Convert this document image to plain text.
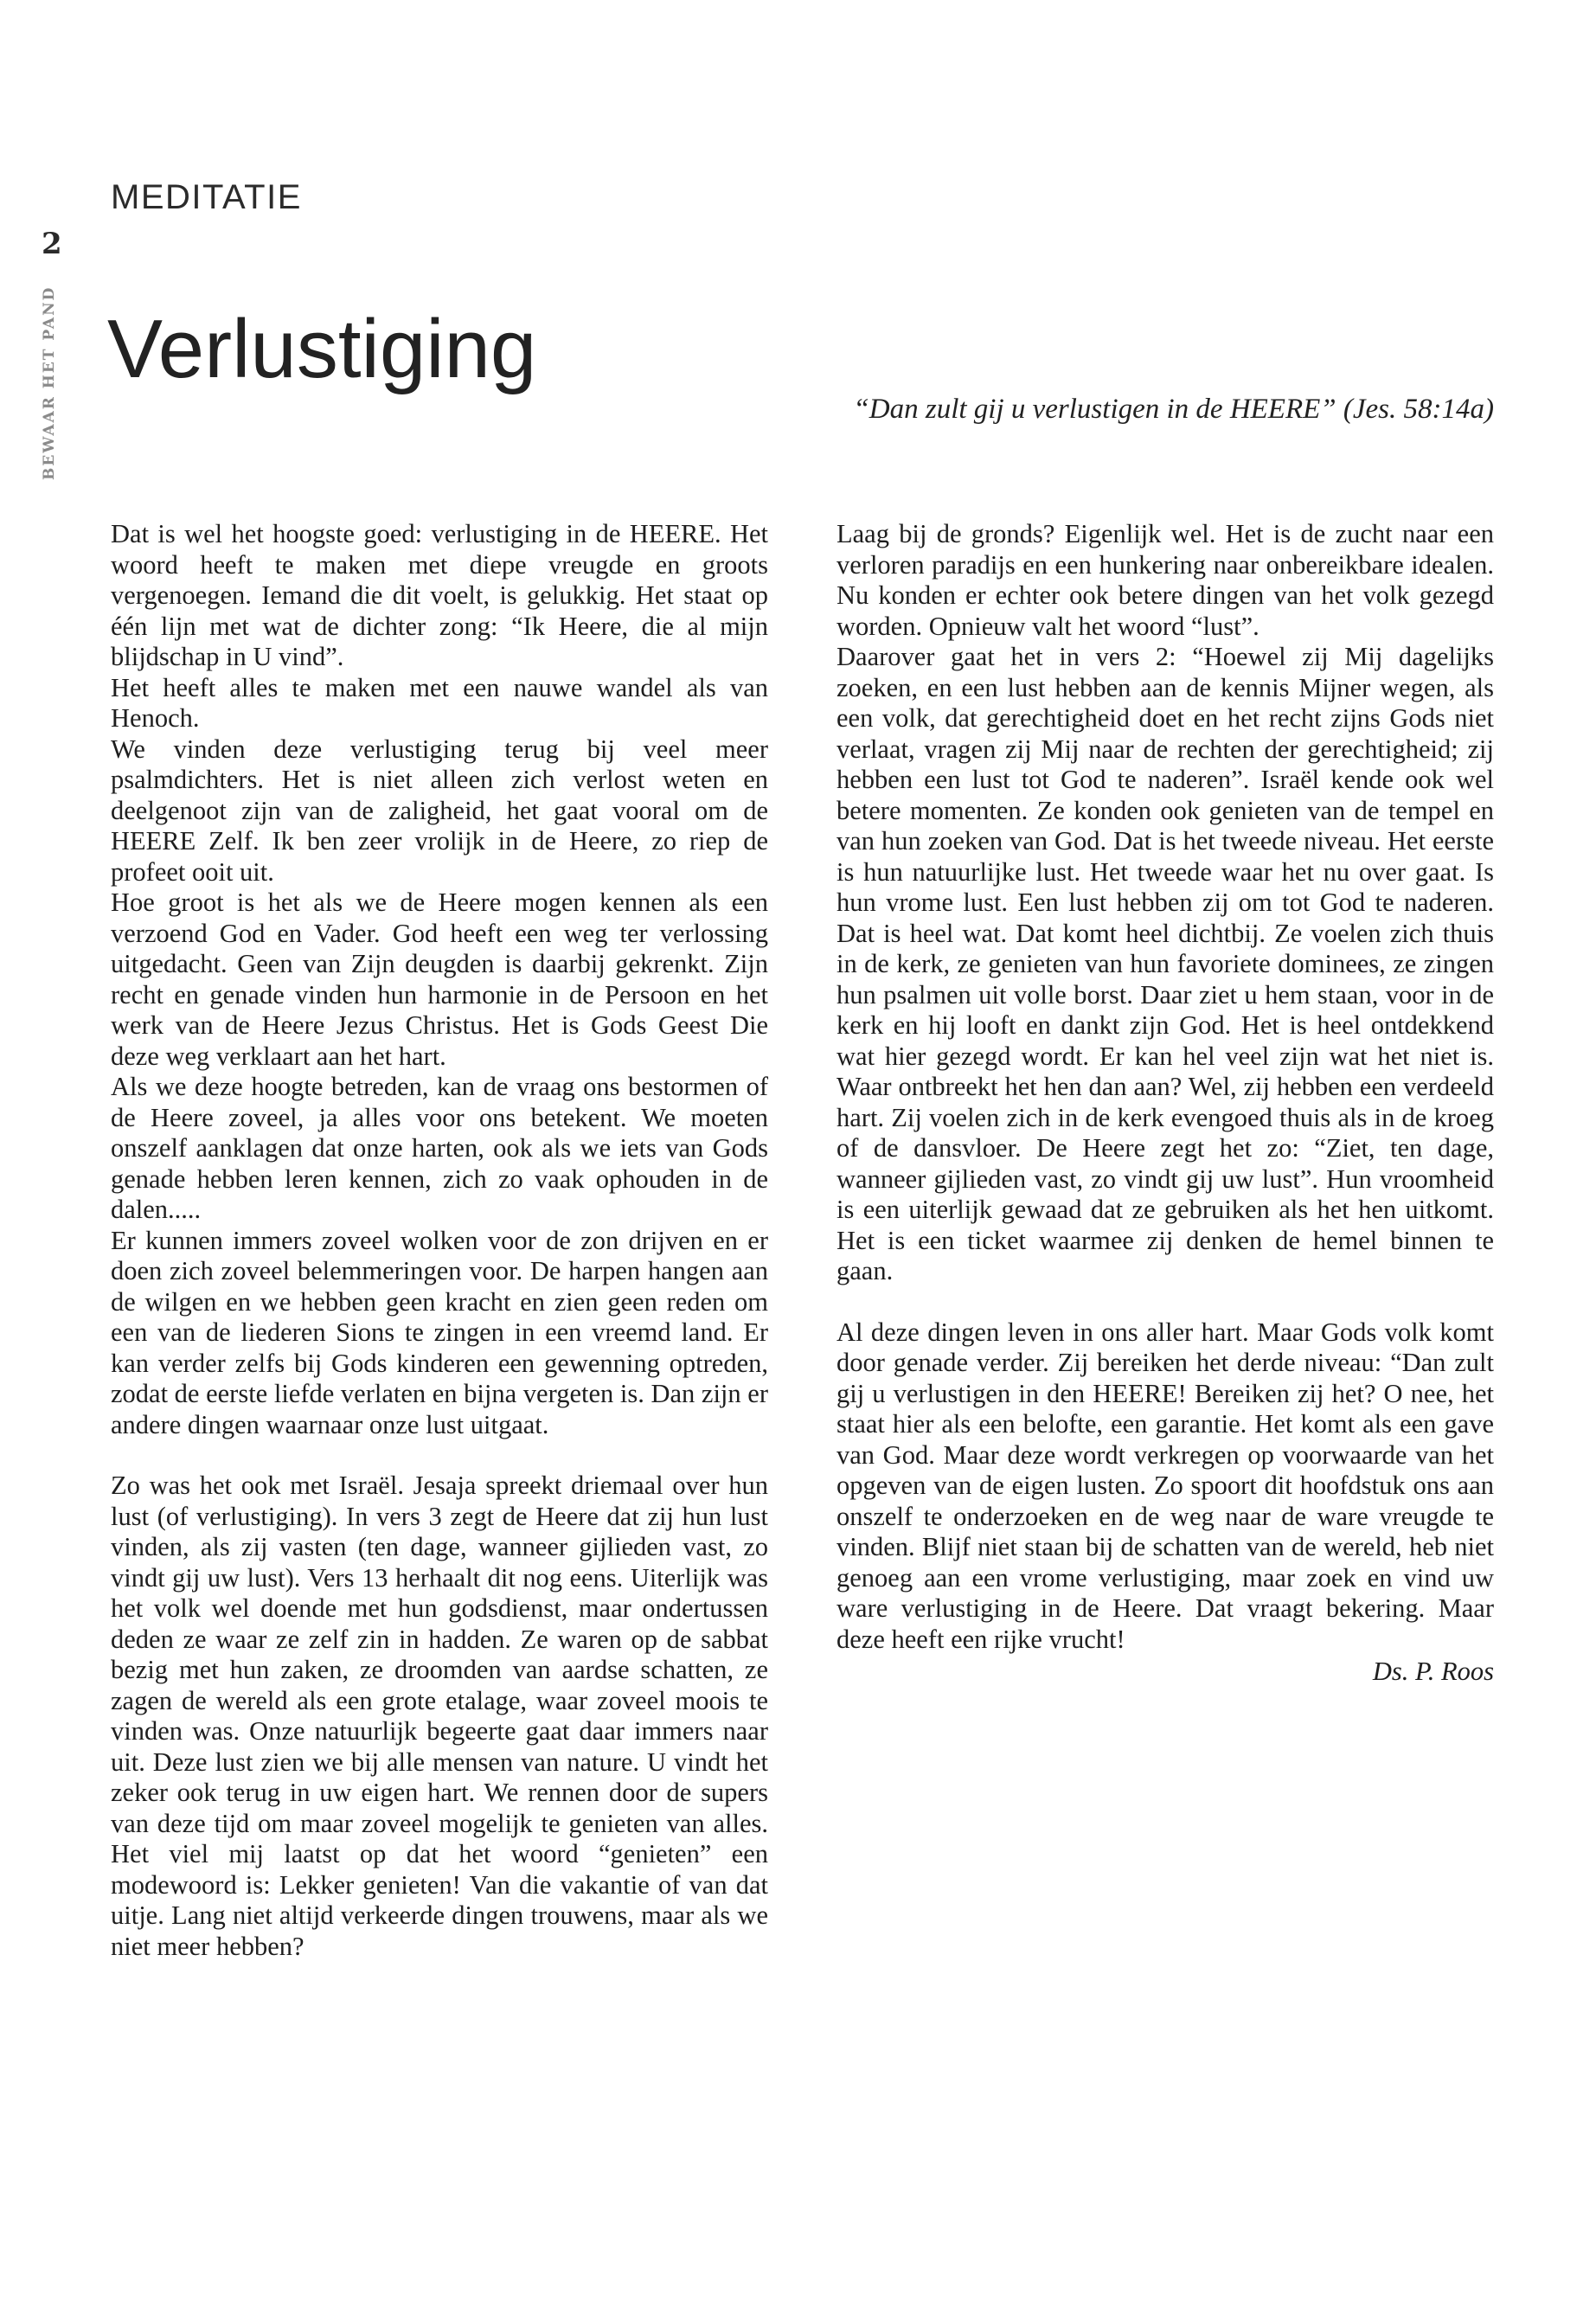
2
BEWAAR HET PAND
MEDITATIE
Verlustiging
“Dan zult gij u verlustigen in de HEERE” (Jes. 58:14a)

Dat is wel het hoogste goed: verlustiging in de HEERE. Het woord heeft te maken met diepe vreugde en groots vergenoegen. Iemand die dit voelt, is gelukkig. Het staat op één lijn met wat de dichter zong: “Ik Heere, die al mijn blijdschap in U vind”.

Het heeft alles te maken met een nauwe wandel als van Henoch.

We vinden deze verlustiging terug bij veel meer psalmdichters. Het is niet alleen zich verlost weten en deelgenoot zijn van de zaligheid, het gaat vooral om de HEERE Zelf. Ik ben zeer vrolijk in de Heere, zo riep de profeet ooit uit.

Hoe groot is het als we de Heere mogen kennen als een verzoend God en Vader. God heeft een weg ter verlossing uitgedacht. Geen van Zijn deugden is daarbij gekrenkt. Zijn recht en genade vinden hun harmonie in de Persoon en het werk van de Heere Jezus Christus. Het is Gods Geest Die deze weg verklaart aan het hart.

Als we deze hoogte betreden, kan de vraag ons bestormen of de Heere zoveel, ja alles voor ons betekent. We moeten onszelf aanklagen dat onze harten, ook als we iets van Gods genade hebben leren kennen, zich zo vaak ophouden in de dalen.....

Er kunnen immers zoveel wolken voor de zon drijven en er doen zich zoveel belemmeringen voor. De harpen hangen aan de wilgen en we hebben geen kracht en zien geen reden om een van de liederen Sions te zingen in een vreemd land. Er kan verder zelfs bij Gods kinderen een gewenning optreden, zodat de eerste liefde verlaten en bijna vergeten is. Dan zijn er andere dingen waarnaar onze lust uitgaat.

Zo was het ook met Israël. Jesaja spreekt driemaal over hun lust (of verlustiging). In vers 3 zegt de Heere dat zij hun lust vinden, als zij vasten (ten dage, wanneer gijlieden vast, zo vindt gij uw lust). Vers 13 herhaalt dit nog eens. Uiterlijk was het volk wel doende met hun godsdienst, maar ondertussen deden ze waar ze zelf zin in hadden. Ze waren op de sabbat bezig met hun zaken, ze droomden van aardse schatten, ze zagen de wereld als een grote etalage, waar zoveel moois te vinden was. Onze natuurlijk begeerte gaat daar immers naar uit. Deze lust zien we bij alle mensen van nature. U vindt het zeker ook terug in uw eigen hart. We rennen door de supers van deze tijd om maar zoveel mogelijk te genieten van alles. Het viel mij laatst op dat het woord “genieten” een modewoord is: Lekker genieten! Van die vakantie of van dat uitje. Lang niet altijd verkeerde dingen trouwens, maar als we niet meer hebben?

Laag bij de gronds? Eigenlijk wel. Het is de zucht naar een verloren paradijs en een hunkering naar onbereikbare idealen. Nu konden er echter ook betere dingen van het volk gezegd worden. Opnieuw valt het woord “lust”.

Daarover gaat het in vers 2: “Hoewel zij Mij dagelijks zoeken, en een lust hebben aan de kennis Mijner wegen, als een volk, dat gerechtigheid doet en het recht zijns Gods niet verlaat, vragen zij Mij naar de rechten der gerechtigheid; zij hebben een lust tot God te naderen”. Israël kende ook wel betere momenten. Ze konden ook genieten van de tempel en van hun zoeken van God. Dat is het tweede niveau. Het eerste is hun natuurlijke lust. Het tweede waar het nu over gaat. Is hun vrome lust. Een lust hebben zij om tot God te naderen. Dat is heel wat. Dat komt heel dichtbij. Ze voelen zich thuis in de kerk, ze genieten van hun favoriete dominees, ze zingen hun psalmen uit volle borst. Daar ziet u hem staan, voor in de kerk en hij looft en dankt zijn God. Het is heel ontdekkend wat hier gezegd wordt. Er kan hel veel zijn wat het niet is. Waar ontbreekt het hen dan aan? Wel, zij hebben een verdeeld hart. Zij voelen zich in de kerk evengoed thuis als in de kroeg of de dansvloer. De Heere zegt het zo: “Ziet, ten dage, wanneer gijlieden vast, zo vindt gij uw lust”. Hun vroomheid is een uiterlijk gewaad dat ze gebruiken als het hen uitkomt. Het is een ticket waarmee zij denken de hemel binnen te gaan.

Al deze dingen leven in ons aller hart. Maar Gods volk komt door genade verder. Zij bereiken het derde niveau: “Dan zult gij u verlustigen in den HEERE! Bereiken zij het? O nee, het staat hier als een belofte, een garantie. Het komt als een gave van God. Maar deze wordt verkregen op voorwaarde van het opgeven van de eigen lusten. Zo spoort dit hoofdstuk ons aan onszelf te onderzoeken en de weg naar de ware vreugde te vinden. Blijf niet staan bij de schatten van de wereld, heb niet genoeg aan een vrome verlustiging, maar zoek en vind uw ware verlustiging in de Heere. Dat vraagt bekering. Maar deze heeft een rijke vrucht!

Ds. P. Roos
